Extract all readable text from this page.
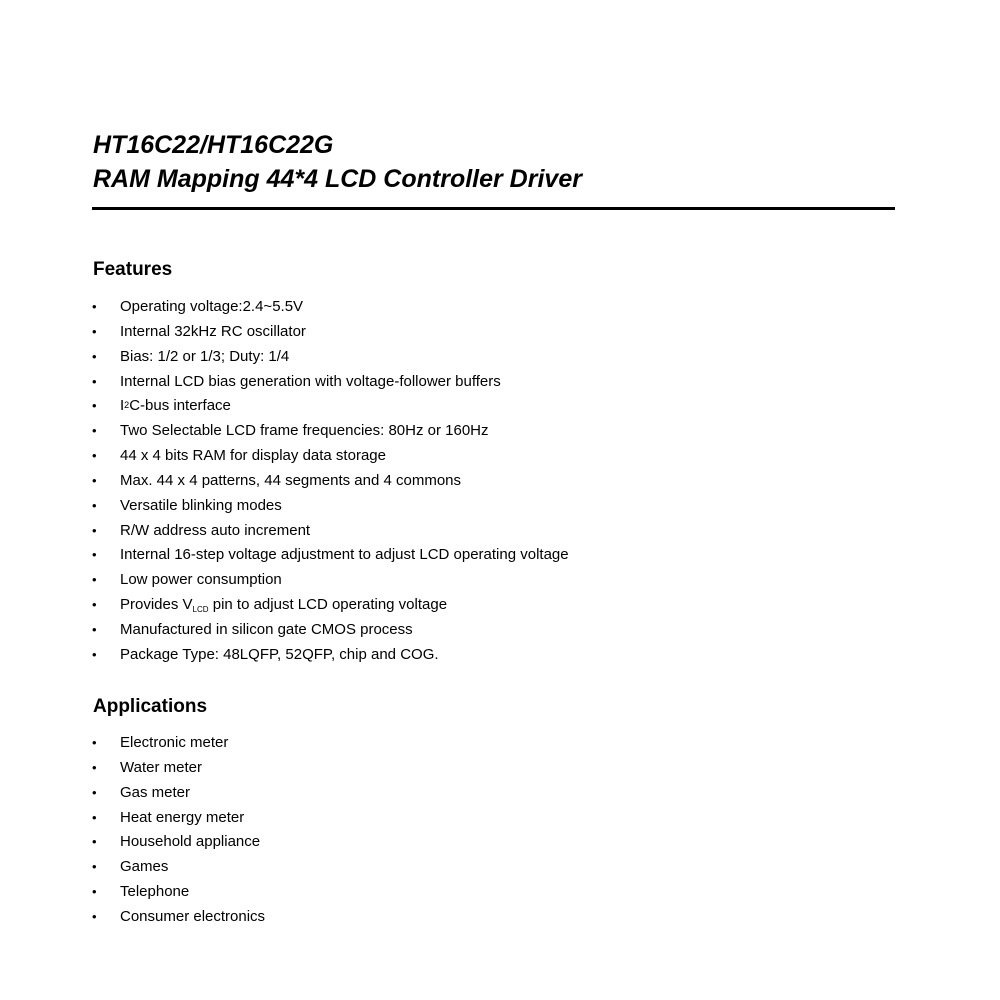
HT16C22/HT16C22G

RAM Mapping 44*4 LCD Controller Driver

Features
•	Operating voltage:2.4~5.5V
•	Internal 32kHz RC oscillator
•	Bias: 1/2 or 1/3; Duty: 1/4
•	Internal LCD bias generation with voltage-follower buffers
•	$I^2C$-bus interface
•	Two Selectable LCD frame frequencies: 80Hz or 160Hz
•	44 x 4 bits RAM for display data storage
•	Max. 44 x 4 patterns, 44 segments and 4 commons
•	Versatile blinking modes
•	R/W address auto increment
•	Internal 16-step voltage adjustment to adjust LCD operating voltage
•	Low power consumption
•	Provides $V_{LCD}$ pin to adjust LCD operating voltage
•	Manufactured in silicon gate CMOS process
•	Package Type: 48LQFP, 52QFP, chip and COG.
Applications
•	Electronic meter
•	Water meter
•	Gas meter
•	Heat energy meter
•	Household appliance
•	Games
•	Telephone
•	Consumer electronics
